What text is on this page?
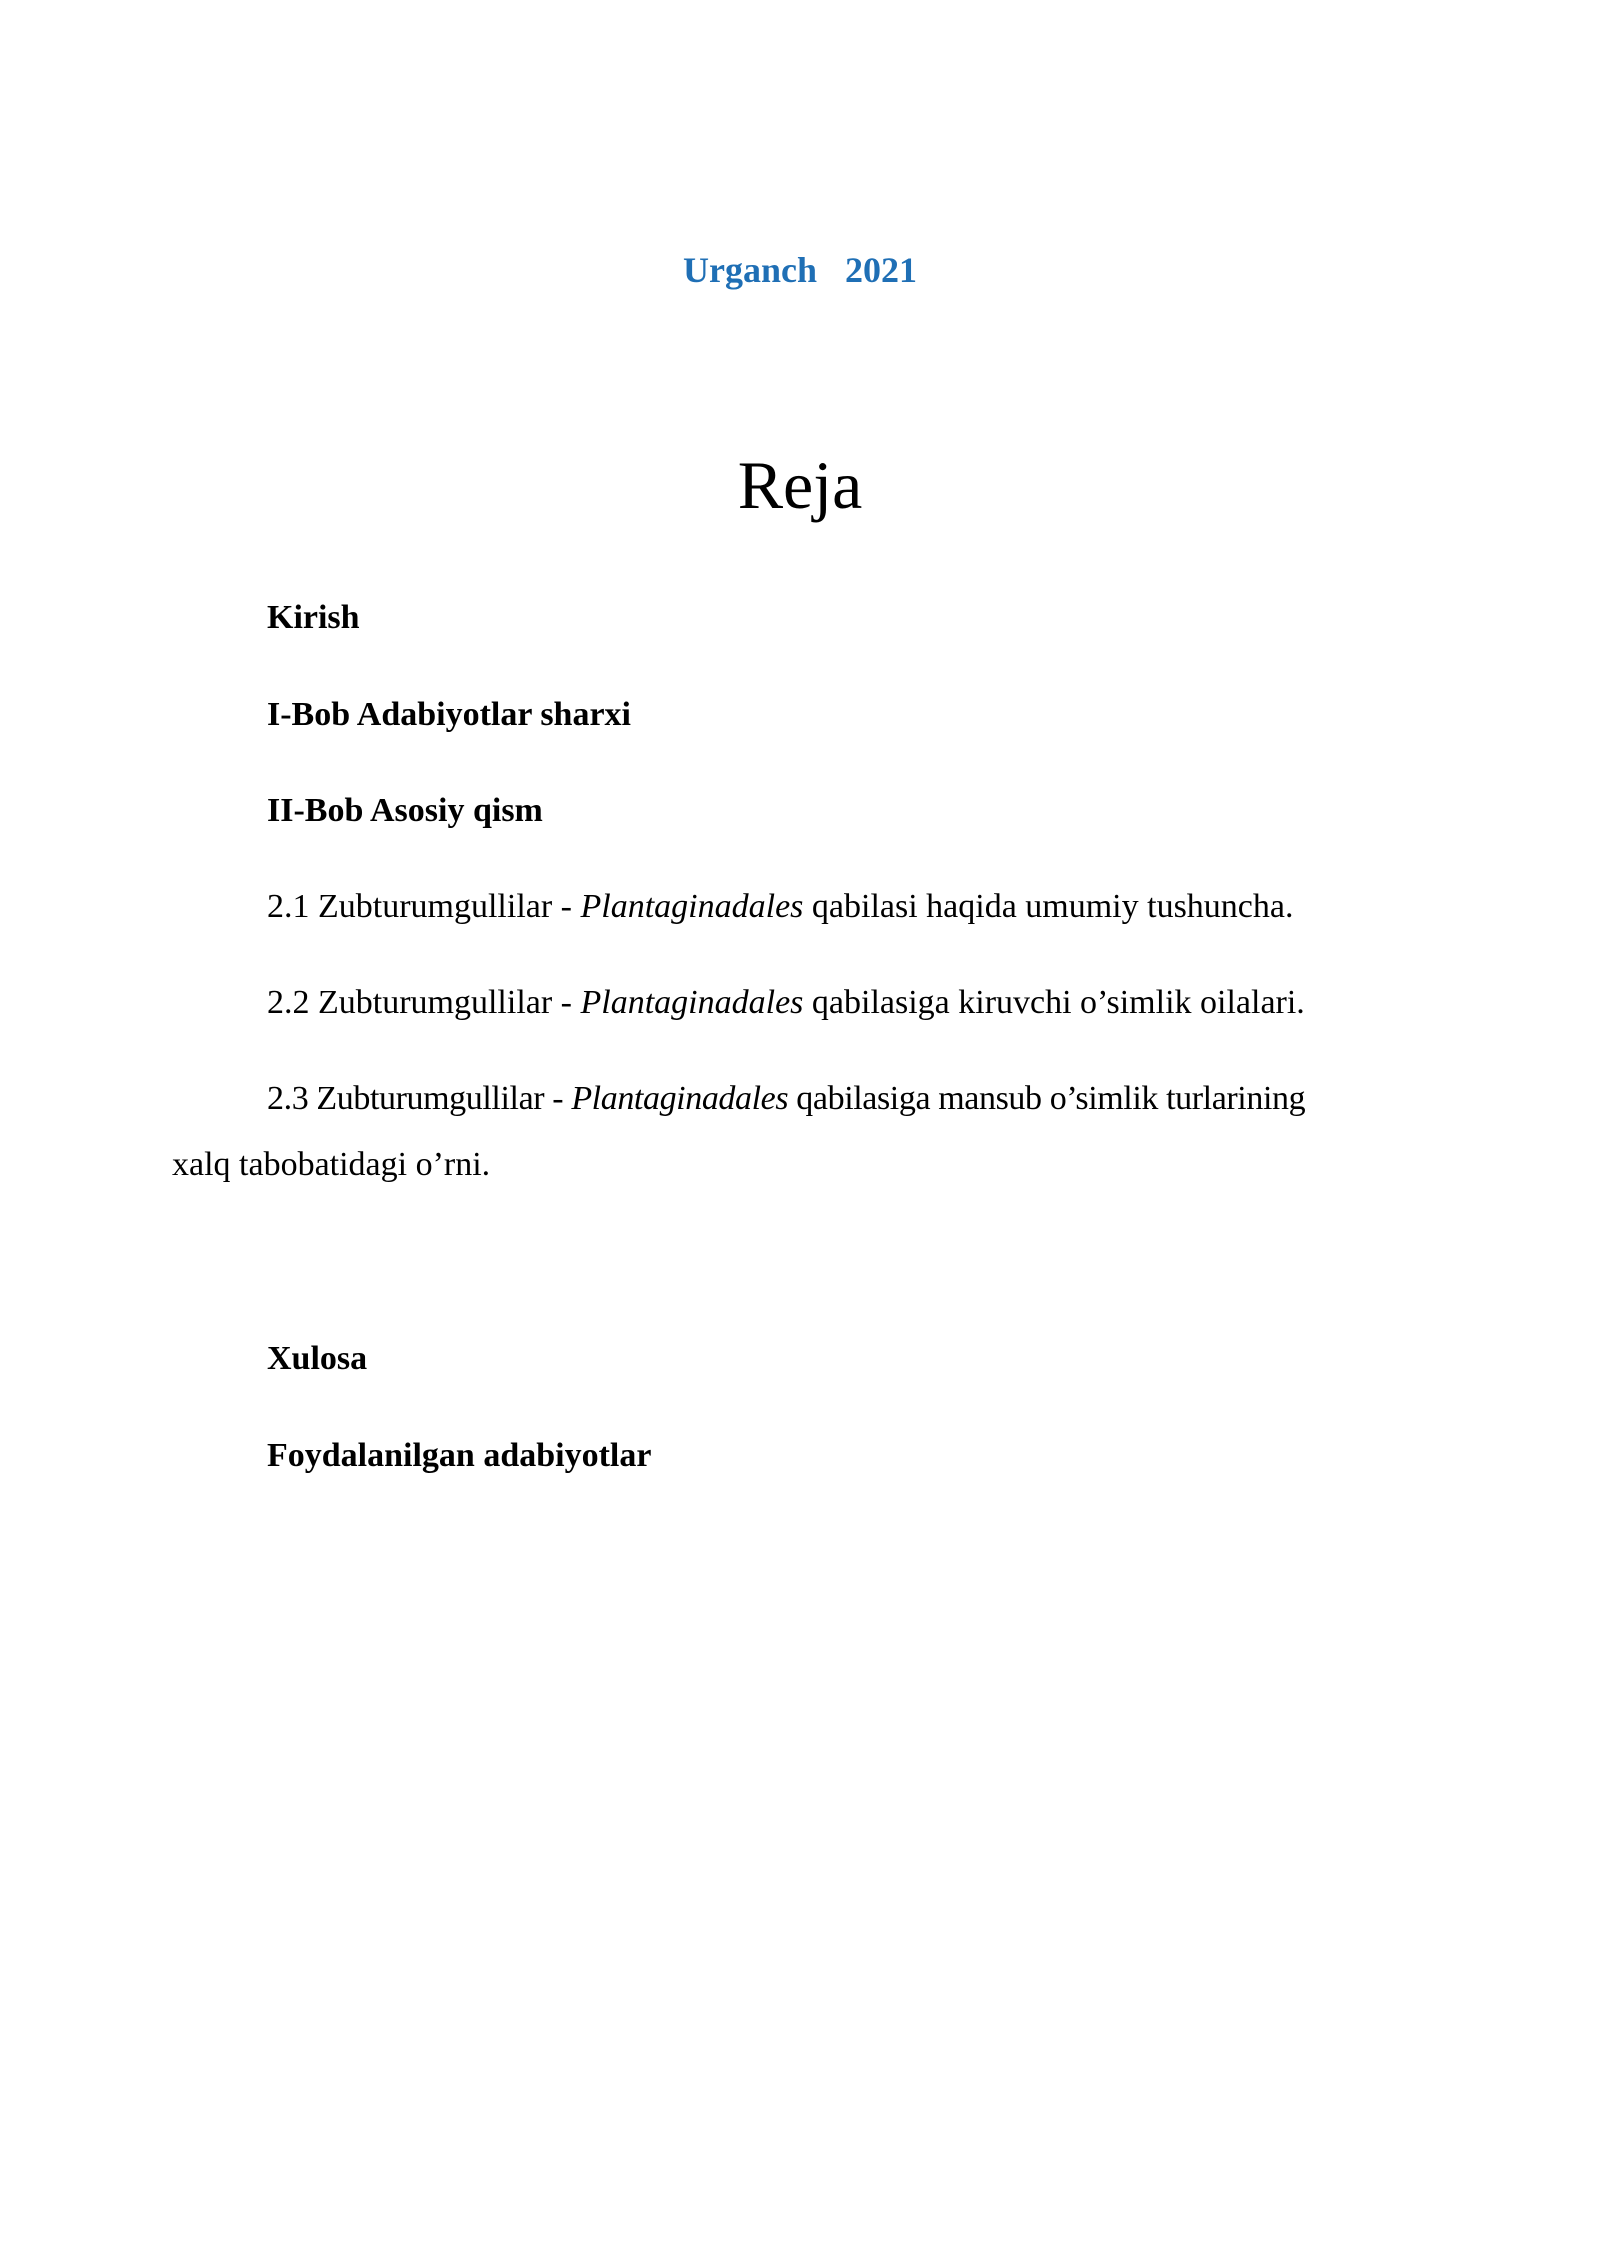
Urganch 2021
Reja
Kirish
I-Bob Adabiyotlar sharxi
II-Bob Asosiy qism
2.1 Zubturumgullilar - Plantaginadales qabilasi haqida umumiy tushuncha.
2.2 Zubturumgullilar - Plantaginadales qabilasiga kiruvchi o’simlik oilalari.
2.3 Zubturumgullilar - Plantaginadales qabilasiga mansub o’simlik turlarining
xalq tabobatidagi o’rni.
Xulosa
Foydalanilgan adabiyotlar
